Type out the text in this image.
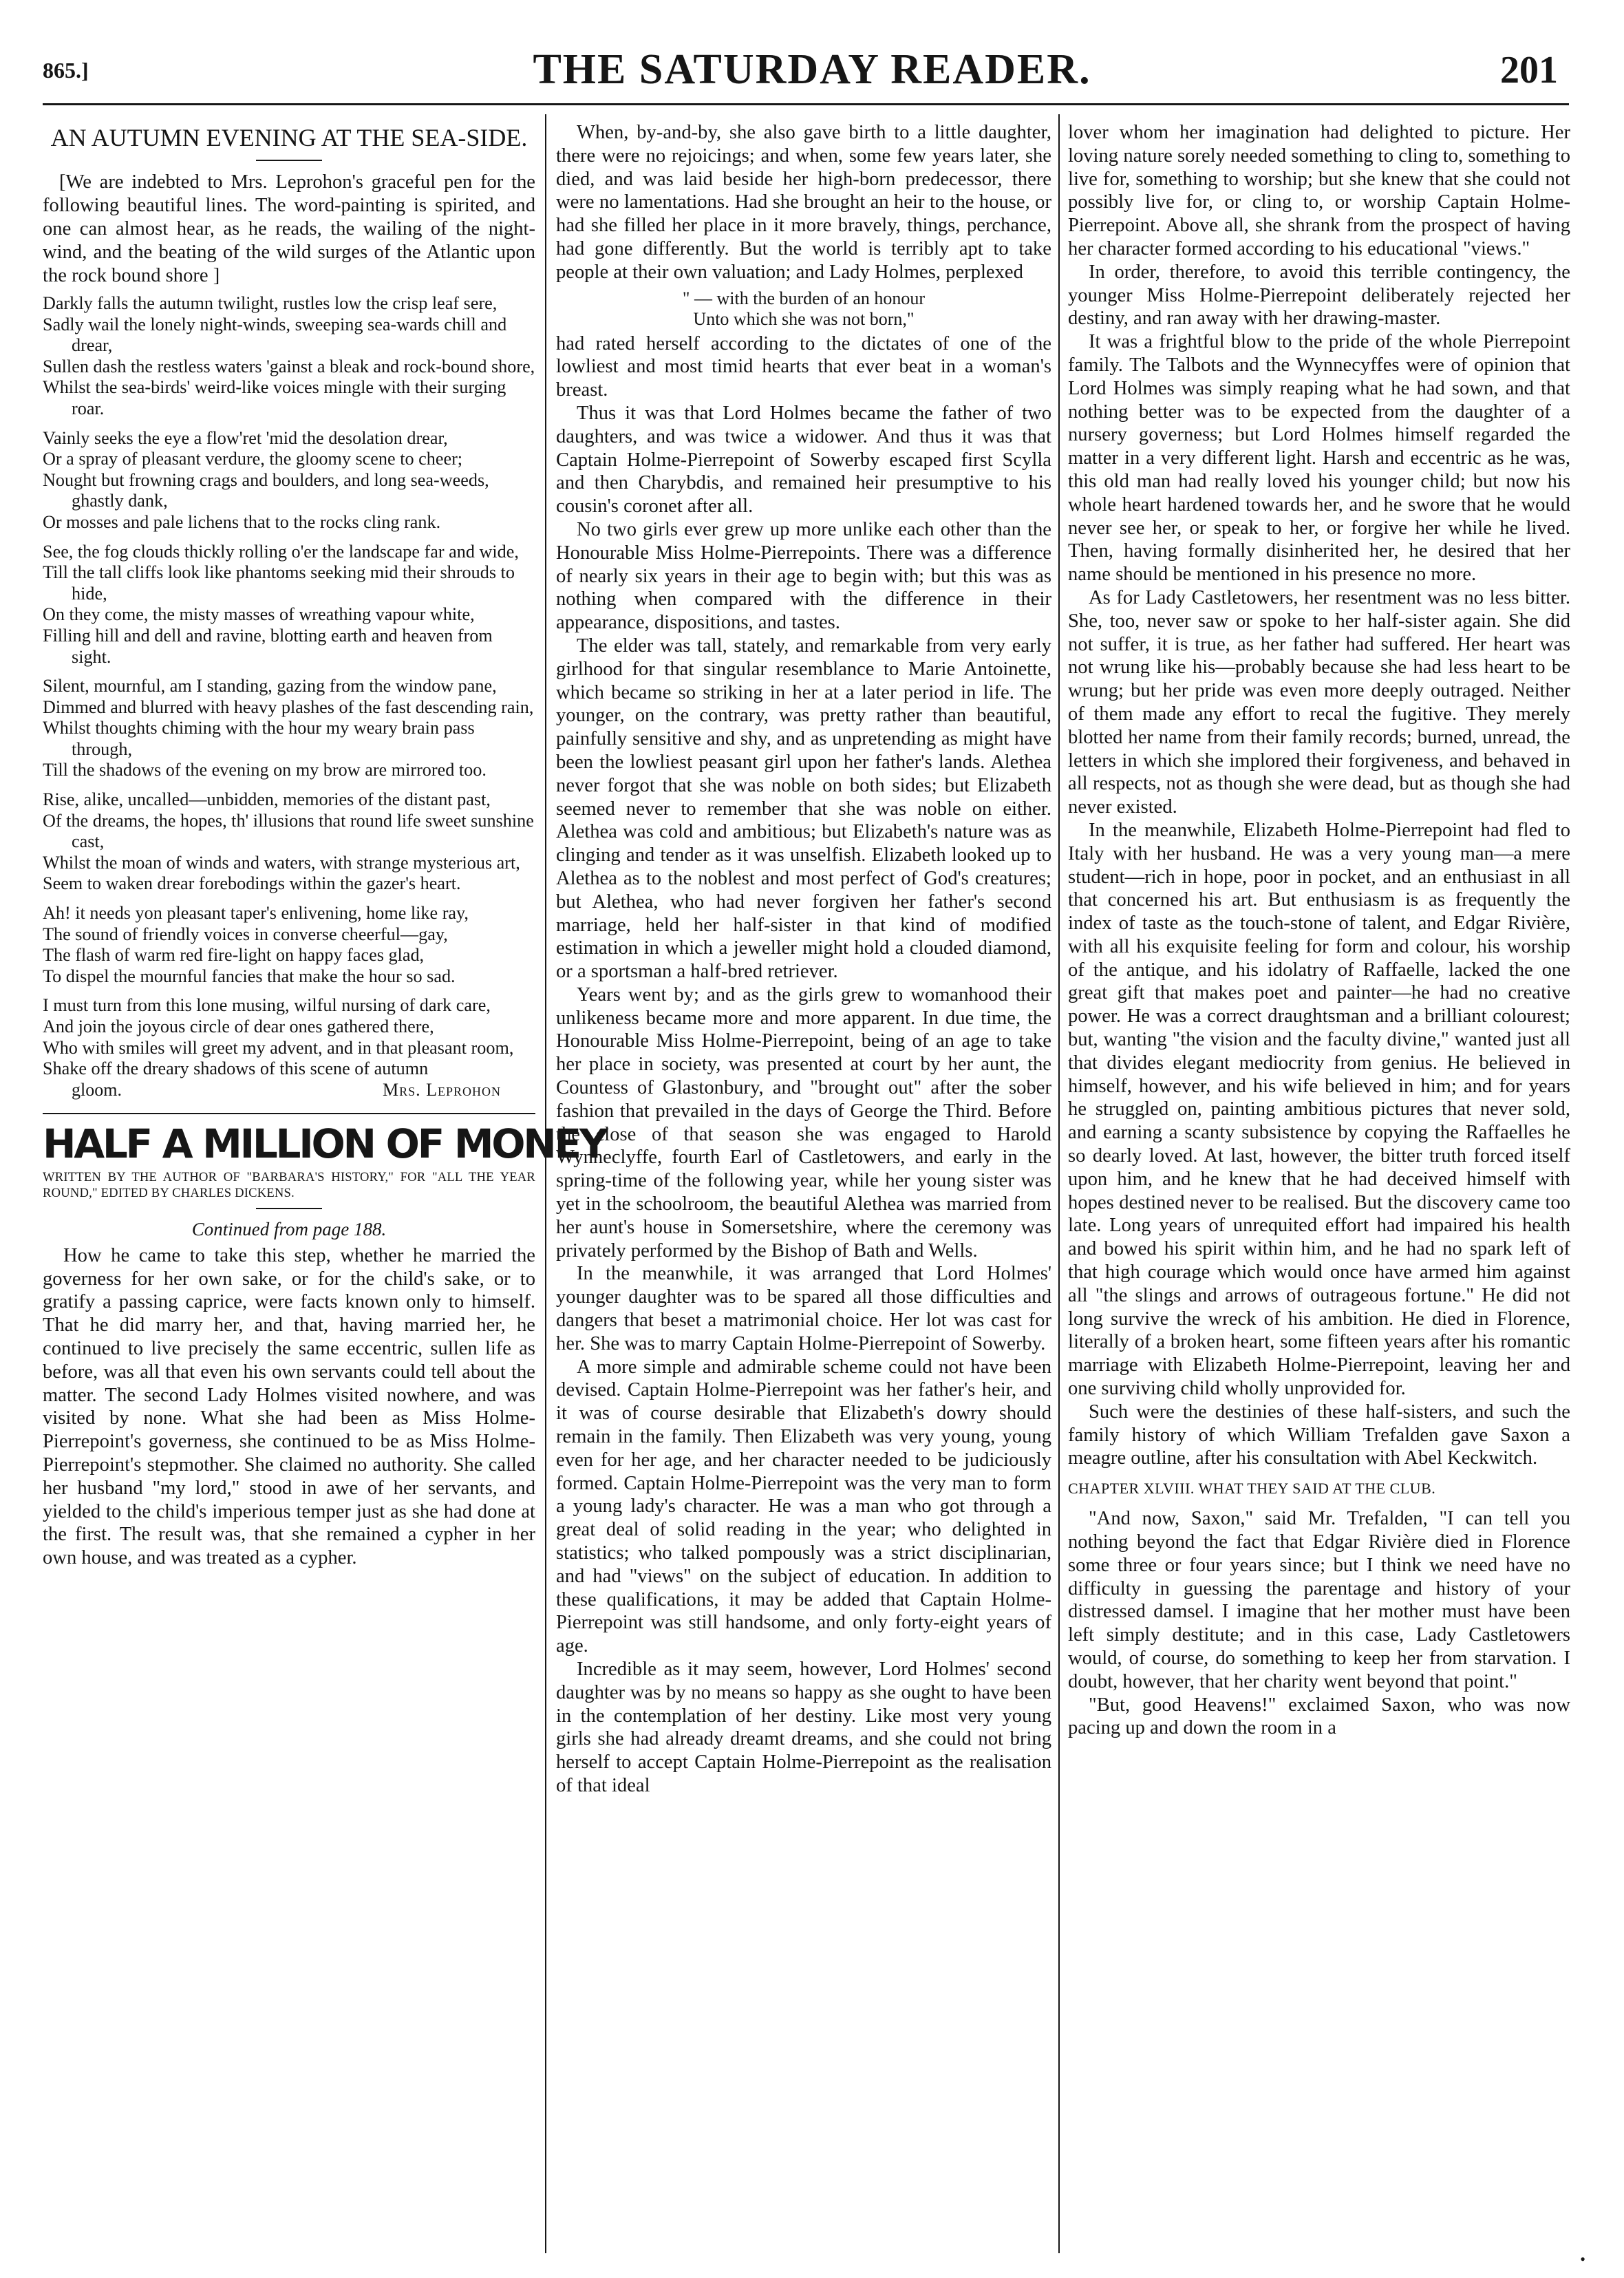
865.]	THE SATURDAY READER.	201
AN AUTUMN EVENING AT THE SEA-SIDE.

[We are indebted to Mrs. Leprohon's graceful pen for the following beautiful lines. The word-painting is spirited, and one can almost hear, as he reads, the wailing of the night-wind, and the beating of the wild surges of the Atlantic upon the rock bound shore ]

Darkly falls the autumn twilight, rustles low the crisp leaf sere,
Sadly wail the lonely night-winds, sweeping sea-wards chill and drear,
Sullen dash the restless waters 'gainst a bleak and rock-bound shore,
Whilst the sea-birds' weird-like voices mingle with their surging roar.
Vainly seeks the eye a flow'ret 'mid the desolation drear,
Or a spray of pleasant verdure, the gloomy scene to cheer;
Nought but frowning crags and boulders, and long sea-weeds, ghastly dank,
Or mosses and pale lichens that to the rocks cling rank.
See, the fog clouds thickly rolling o'er the landscape far and wide,
Till the tall cliffs look like phantoms seeking mid their shrouds to hide,
On they come, the misty masses of wreathing vapour white,
Filling hill and dell and ravine, blotting earth and heaven from sight.
Silent, mournful, am I standing, gazing from the window pane,
Dimmed and blurred with heavy plashes of the fast descending rain,
Whilst thoughts chiming with the hour my weary brain pass through,
Till the shadows of the evening on my brow are mirrored too.
Rise, alike, uncalled—unbidden, memories of the distant past,
Of the dreams, the hopes, th' illusions that round life sweet sunshine cast,
Whilst the moan of winds and waters, with strange mysterious art,
Seem to waken drear forebodings within the gazer's heart.
Ah! it needs yon pleasant taper's enlivening, home like ray,
The sound of friendly voices in converse cheerful—gay,
The flash of warm red fire-light on happy faces glad,
To dispel the mournful fancies that make the hour so sad.
I must turn from this lone musing, wilful nursing of dark care,
And join the joyous circle of dear ones gathered there,
Who with smiles will greet my advent, and in that pleasant room,
Shake off the dreary shadows of this scene of autumn
gloom.	Mrs. Leprohon
HALF A MILLION OF MONEY

WRITTEN BY THE AUTHOR OF "BARBARA'S HISTORY," FOR "ALL THE YEAR ROUND," EDITED BY CHARLES DICKENS.

Continued from page 188.

How he came to take this step, whether he married the governess for her own sake, or for the child's sake, or to gratify a passing caprice, were facts known only to himself. That he did marry her, and that, having married her, he continued to live precisely the same eccentric, sullen life as before, was all that even his own servants could tell about the matter. The second Lady Holmes visited nowhere, and was visited by none. What she had been as Miss Holme-Pierrepoint's governess, she continued to be as Miss Holme-Pierrepoint's stepmother. She claimed no authority. She called her husband "my lord," stood in awe of her servants, and yielded to the child's imperious temper just as she had done at the first. The result was, that she remained a cypher in her own house, and was treated as a cypher.

When, by-and-by, she also gave birth to a little daughter, there were no rejoicings; and when, some few years later, she died, and was laid beside her high-born predecessor, there were no lamentations. Had she brought an heir to the house, or had she filled her place in it more bravely, things, perchance, had gone differently. But the world is terribly apt to take people at their own valuation; and Lady Holmes, perplexed

" — with the burden of an honour
Unto which she was not born,"

had rated herself according to the dictates of one of the lowliest and most timid hearts that ever beat in a woman's breast.

Thus it was that Lord Holmes became the father of two daughters, and was twice a widower. And thus it was that Captain Holme-Pierrepoint of Sowerby escaped first Scylla and then Charybdis, and remained heir presumptive to his cousin's coronet after all.

No two girls ever grew up more unlike each other than the Honourable Miss Holme-Pierrepoints. There was a difference of nearly six years in their age to begin with; but this was as nothing when compared with the difference in their appearance, dispositions, and tastes.

The elder was tall, stately, and remarkable from very early girlhood for that singular resemblance to Marie Antoinette, which became so striking in her at a later period in life. The younger, on the contrary, was pretty rather than beautiful, painfully sensitive and shy, and as unpretending as might have been the lowliest peasant girl upon her father's lands. Alethea never forgot that she was noble on both sides; but Elizabeth seemed never to remember that she was noble on either. Alethea was cold and ambitious; but Elizabeth's nature was as clinging and tender as it was unselfish. Elizabeth looked up to Alethea as to the noblest and most perfect of God's creatures; but Alethea, who had never forgiven her father's second marriage, held her half-sister in that kind of modified estimation in which a jeweller might hold a clouded diamond, or a sportsman a half-bred retriever.

Years went by; and as the girls grew to womanhood their unlikeness became more and more apparent. In due time, the Honourable Miss Holme-Pierrepoint, being of an age to take her place in society, was presented at court by her aunt, the Countess of Glastonbury, and "brought out" after the sober fashion that prevailed in the days of George the Third. Before the close of that season she was engaged to Harold Wynneclyffe, fourth Earl of Castletowers, and early in the spring-time of the following year, while her young sister was yet in the schoolroom, the beautiful Alethea was married from her aunt's house in Somersetshire, where the ceremony was privately performed by the Bishop of Bath and Wells.

In the meanwhile, it was arranged that Lord Holmes' younger daughter was to be spared all those difficulties and dangers that beset a matrimonial choice. Her lot was cast for her. She was to marry Captain Holme-Pierrepoint of Sowerby.

A more simple and admirable scheme could not have been devised. Captain Holme-Pierrepoint was her father's heir, and it was of course desirable that Elizabeth's dowry should remain in the family. Then Elizabeth was very young, young even for her age, and her character needed to be judiciously formed. Captain Holme-Pierrepoint was the very man to form a young lady's character. He was a man who got through a great deal of solid reading in the year; who delighted in statistics; who talked pompously was a strict disciplinarian, and had "views" on the subject of education. In addition to these qualifications, it may be added that Captain Holme-Pierrepoint was still handsome, and only forty-eight years of age.

Incredible as it may seem, however, Lord Holmes' second daughter was by no means so happy as she ought to have been in the contemplation of her destiny. Like most very young girls she had already dreamt dreams, and she could not bring herself to accept Captain Holme-Pierrepoint as the realisation of that ideal

lover whom her imagination had delighted to picture. Her loving nature sorely needed something to cling to, something to live for, something to worship; but she knew that she could not possibly live for, or cling to, or worship Captain Holme-Pierrepoint. Above all, she shrank from the prospect of having her character formed according to his educational "views."

In order, therefore, to avoid this terrible contingency, the younger Miss Holme-Pierrepoint deliberately rejected her destiny, and ran away with her drawing-master.

It was a frightful blow to the pride of the whole Pierrepoint family. The Talbots and the Wynnecyffes were of opinion that Lord Holmes was simply reaping what he had sown, and that nothing better was to be expected from the daughter of a nursery governess; but Lord Holmes himself regarded the matter in a very different light. Harsh and eccentric as he was, this old man had really loved his younger child; but now his whole heart hardened towards her, and he swore that he would never see her, or speak to her, or forgive her while he lived. Then, having formally disinherited her, he desired that her name should be mentioned in his presence no more.

As for Lady Castletowers, her resentment was no less bitter. She, too, never saw or spoke to her half-sister again. She did not suffer, it is true, as her father had suffered. Her heart was not wrung like his—probably because she had less heart to be wrung; but her pride was even more deeply outraged. Neither of them made any effort to recal the fugitive. They merely blotted her name from their family records; burned, unread, the letters in which she implored their forgiveness, and behaved in all respects, not as though she were dead, but as though she had never existed.

In the meanwhile, Elizabeth Holme-Pierrepoint had fled to Italy with her husband. He was a very young man—a mere student—rich in hope, poor in pocket, and an enthusiast in all that concerned his art. But enthusiasm is as frequently the index of taste as the touch-stone of talent, and Edgar Rivière, with all his exquisite feeling for form and colour, his worship of the antique, and his idolatry of Raffaelle, lacked the one great gift that makes poet and painter—he had no creative power. He was a correct draughtsman and a brilliant colourest; but, wanting "the vision and the faculty divine," wanted just all that divides elegant mediocrity from genius. He believed in himself, however, and his wife believed in him; and for years he struggled on, painting ambitious pictures that never sold, and earning a scanty subsistence by copying the Raffaelles he so dearly loved. At last, however, the bitter truth forced itself upon him, and he knew that he had deceived himself with hopes destined never to be realised. But the discovery came too late. Long years of unrequited effort had impaired his health and bowed his spirit within him, and he had no spark left of that high courage which would once have armed him against all "the slings and arrows of outrageous fortune." He did not long survive the wreck of his ambition. He died in Florence, literally of a broken heart, some fifteen years after his romantic marriage with Elizabeth Holme-Pierrepoint, leaving her and one surviving child wholly unprovided for.

Such were the destinies of these half-sisters, and such the family history of which William Trefalden gave Saxon a meagre outline, after his consultation with Abel Keckwitch.

CHAPTER XLVIII. WHAT THEY SAID AT THE CLUB.

"And now, Saxon," said Mr. Trefalden, "I can tell you nothing beyond the fact that Edgar Rivière died in Florence some three or four years since; but I think we need have no difficulty in guessing the parentage and history of your distressed damsel. I imagine that her mother must have been left simply destitute; and in this case, Lady Castletowers would, of course, do something to keep her from starvation. I doubt, however, that her charity went beyond that point."

"But, good Heavens!" exclaimed Saxon, who was now pacing up and down the room in a

•
